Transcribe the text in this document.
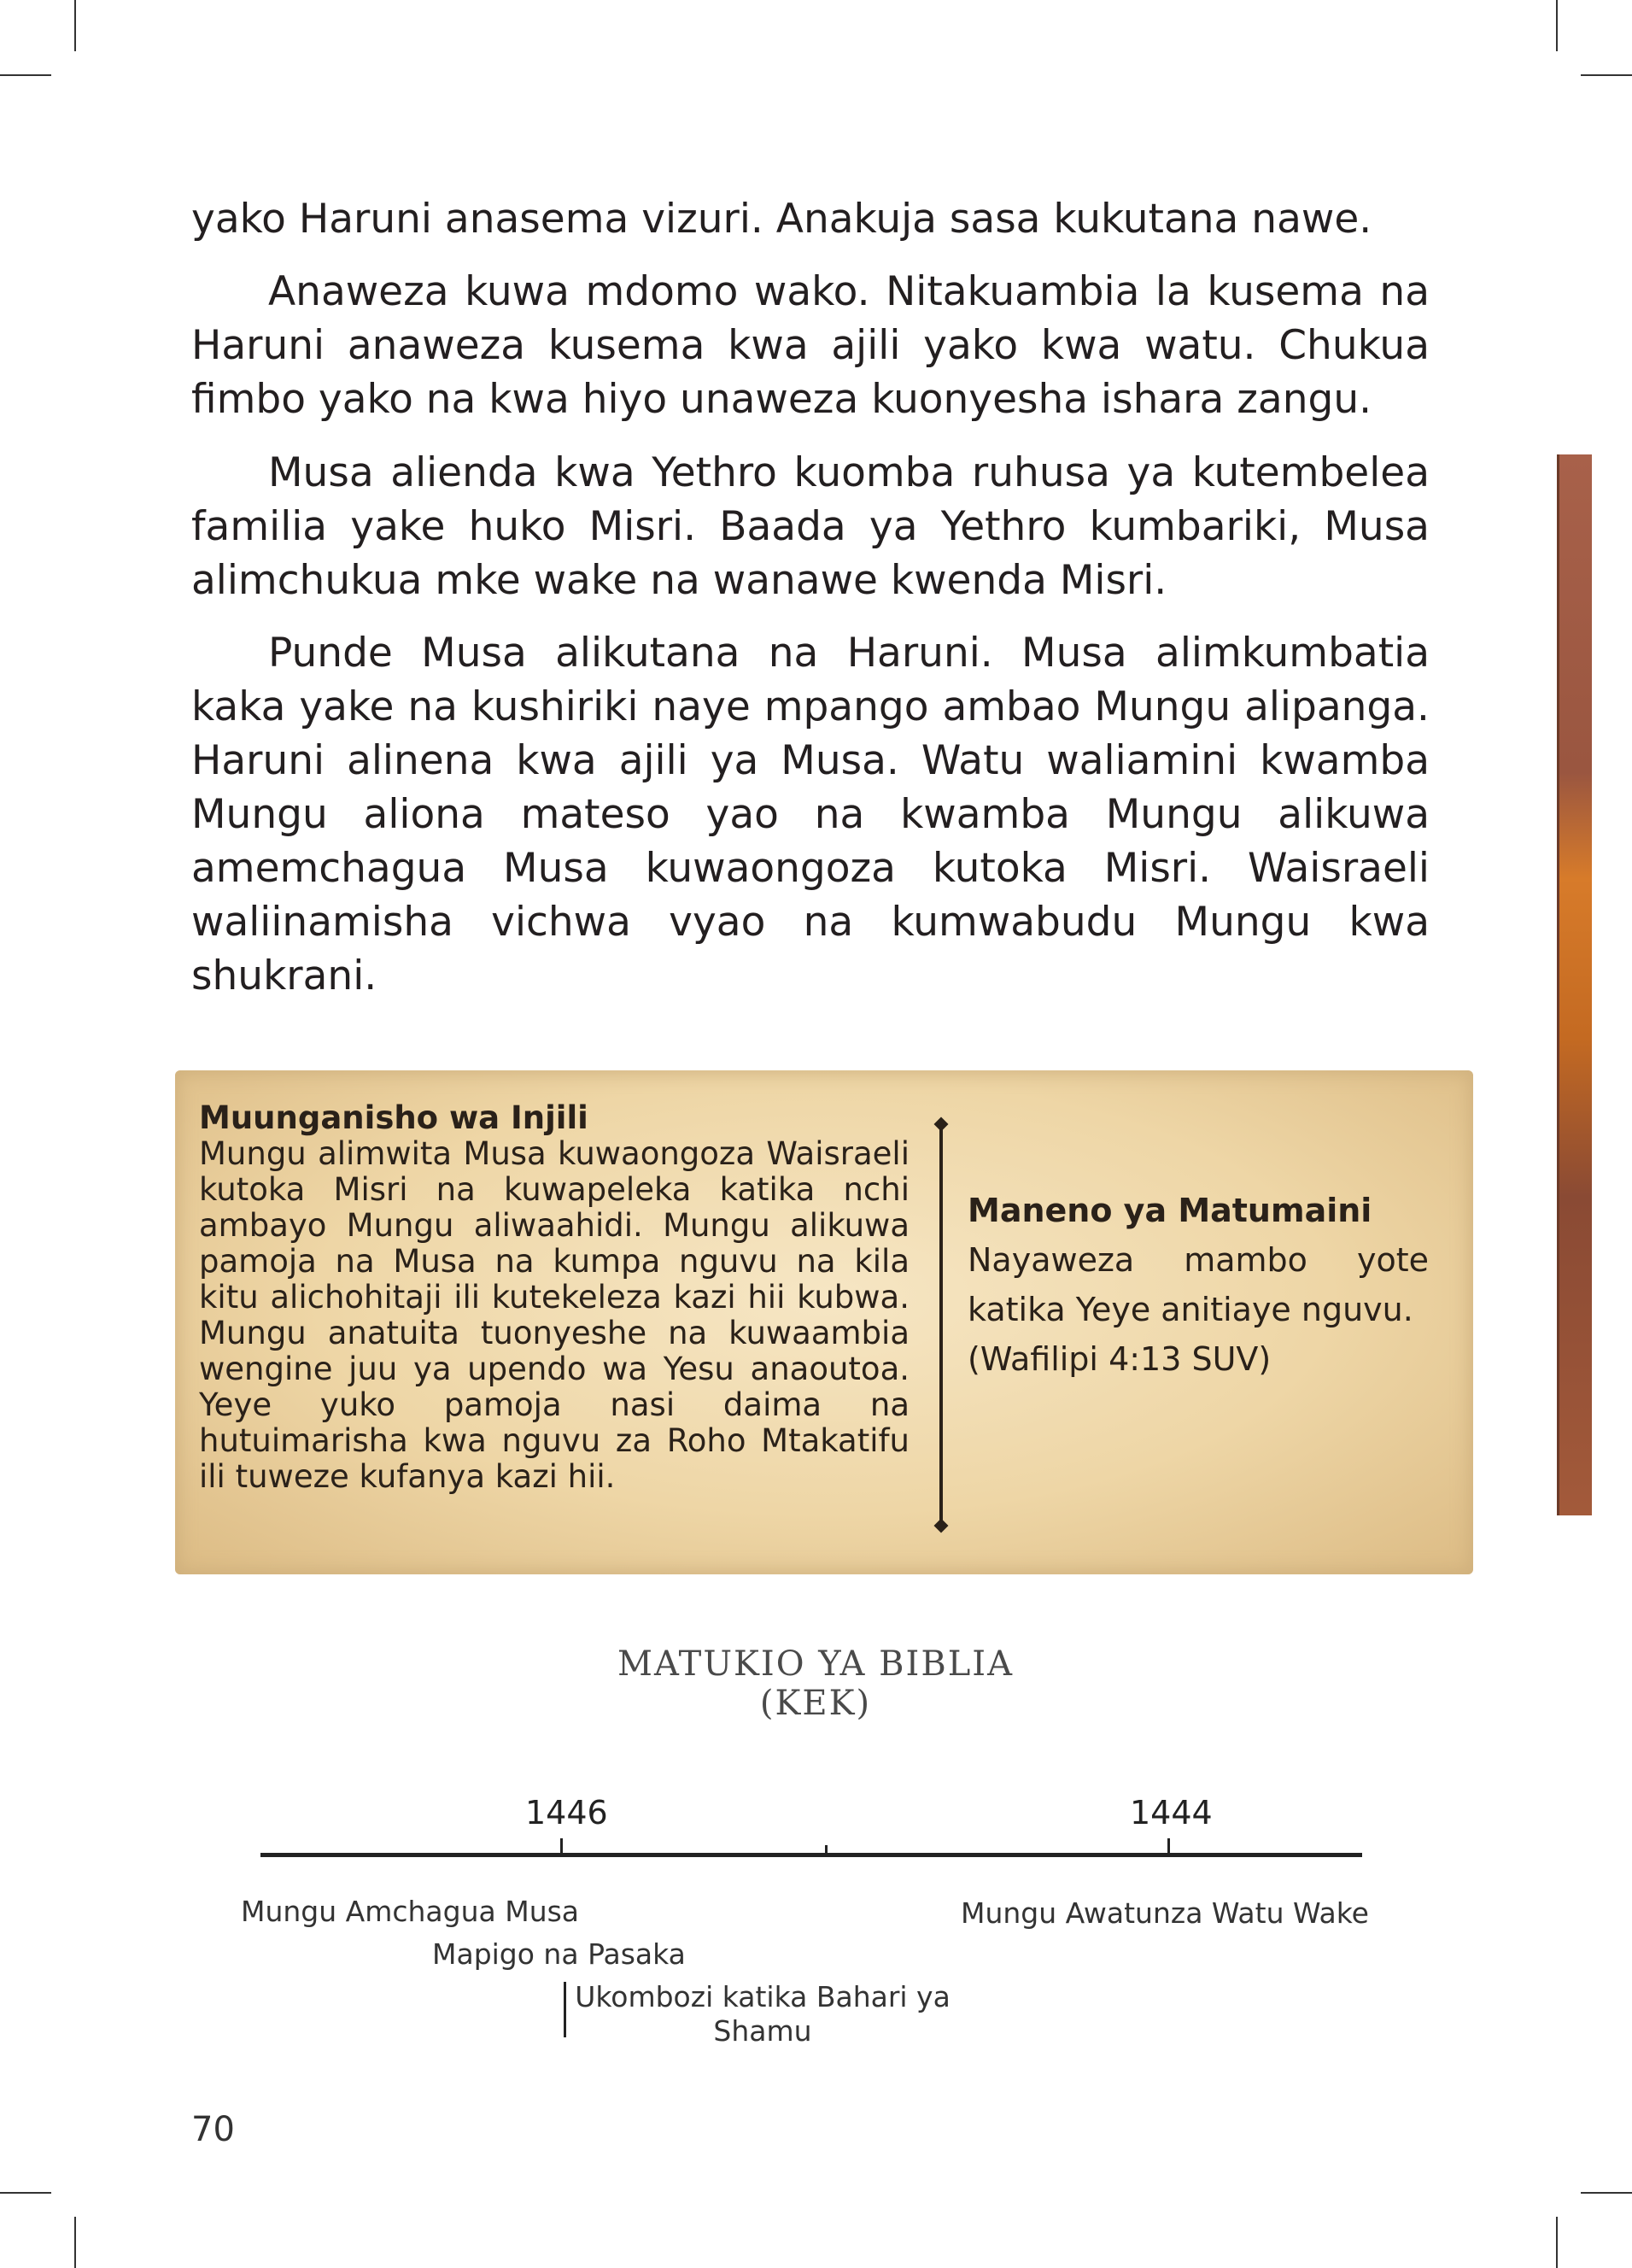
yako Haruni anasema vizuri. Anakuja sasa kukutana nawe.

Anaweza kuwa mdomo wako. Nitakuambia la kusema na Haruni anaweza kusema kwa ajili yako kwa watu. Chukua fimbo yako na kwa hiyo unaweza kuonyesha ishara zangu.

Musa aliendа kwa Yethro kuomba ruhusa ya kutembelea familia yake huko Misri. Baada ya Yethro kumbariki, Musa alimchukua mke wake na wanawe kwenda Misri.

Punde Musa alikutana na Haruni. Musa alimkumbatia kaka yake na kushiriki naye mpango ambao Mungu alipanga. Haruni alinena kwa ajili ya Musa. Watu waliamini kwamba Mungu aliona mateso yao na kwamba Mungu alikuwa amemchagua Musa kuwaongoza kutoka Misri. Waisraeli waliinamisha vichwa vyao na kumwabudu Mungu kwa shukrani.

Muunganisho wa Injili
Mungu alimwita Musa kuwaongoza Waisraeli kutoka Misri na kuwapeleka katika nchi ambayo Mungu aliwaahidi. Mungu alikuwa pamoja na Musa na kumpa nguvu na kila kitu alichohitaji ili kutekeleza kazi hii kubwa. Mungu anatuita tuonyeshe na kuwaambia wengine juu ya upendo wa Yesu anaoutoa. Yeye yuko pamoja nasi daima na hutuimarisha kwa nguvu za Roho Mtakatifu ili tuweze kufanya kazi hii.
Maneno ya Matumaini
Nayaweza mambo yote katika Yeye anitiaye nguvu.
(Wafilipi 4:13 SUV)
MATUKIO YA BIBLIA
(KEK)
1446	1444
Mungu Amchagua Musa
Mapigo na Pasaka
Ukombozi katika Bahari ya
Shamu
Mungu Awatunza Watu Wake
70
